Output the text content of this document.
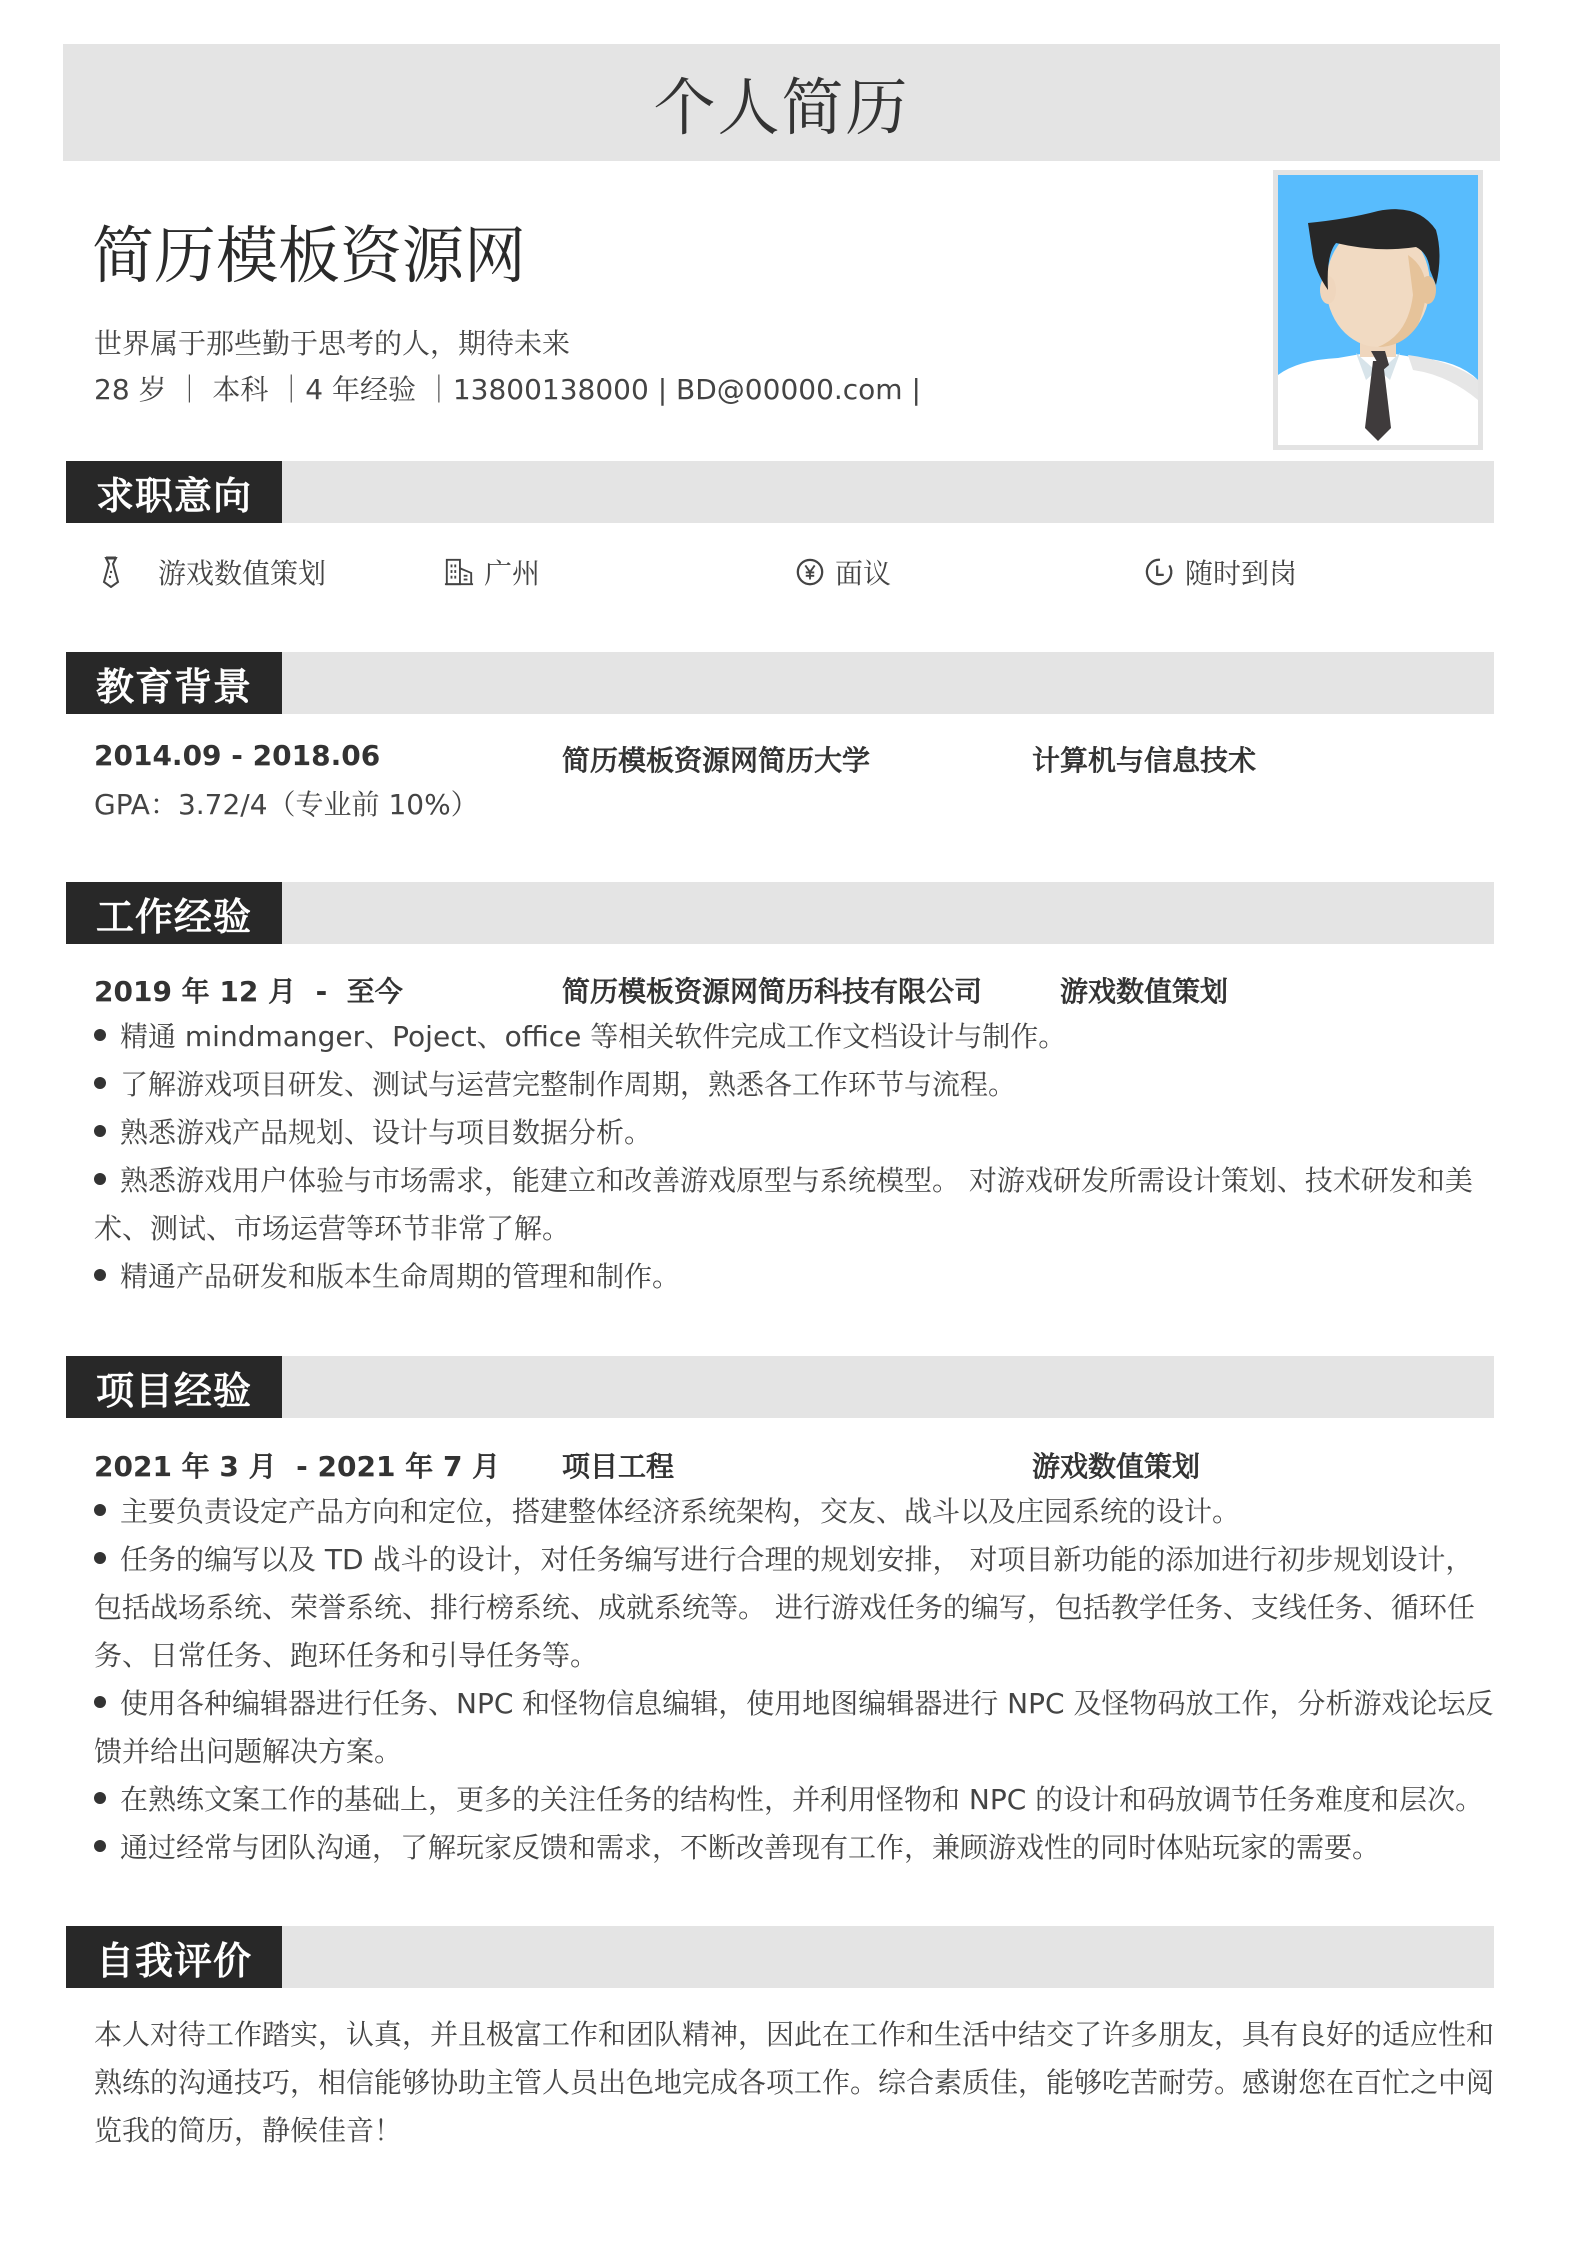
个人简历
简历模板资源网
世界属于那些勤于思考的人，期待未来
28 岁 ｜ 本科 ｜4 年经验 ｜13800138000 | BD@00000.com |
求职意向
游戏数值策划	广州	面议	随时到岗
教育背景
2014.09 - 2018.06	简历模板资源网简历大学	计算机与信息技术
GPA：3.72/4（专业前 10%）
工作经验
2019 年 12 月  -  至今	简历模板资源网简历科技有限公司	游戏数值策划
精通 mindmanger、Poject、office 等相关软件完成工作文档设计与制作。
了解游戏项目研发、测试与运营完整制作周期，熟悉各工作环节与流程。
熟悉游戏产品规划、设计与项目数据分析。
熟悉游戏用户体验与市场需求，能建立和改善游戏原型与系统模型。 对游戏研发所需设计策划、技术研发和美术、测试、市场运营等环节非常了解。
精通产品研发和版本生命周期的管理和制作。
项目经验
2021 年 3 月  - 2021 年 7 月 项目工程	游戏数值策划
主要负责设定产品方向和定位，搭建整体经济系统架构，交友、战斗以及庄园系统的设计。
任务的编写以及 TD 战斗的设计，对任务编写进行合理的规划安排， 对项目新功能的添加进行初步规划设计，包括战场系统、荣誉系统、排行榜系统、成就系统等。 进行游戏任务的编写，包括教学任务、支线任务、循环任务、日常任务、跑环任务和引导任务等。
使用各种编辑器进行任务、NPC 和怪物信息编辑，使用地图编辑器进行 NPC 及怪物码放工作，分析游戏论坛反馈并给出问题解决方案。
在熟练文案工作的基础上，更多的关注任务的结构性，并利用怪物和 NPC 的设计和码放调节任务难度和层次。
通过经常与团队沟通，了解玩家反馈和需求，不断改善现有工作，兼顾游戏性的同时体贴玩家的需要。
自我评价
本人对待工作踏实，认真，并且极富工作和团队精神，因此在工作和生活中结交了许多朋友，具有良好的适应性和熟练的沟通技巧，相信能够协助主管人员出色地完成各项工作。综合素质佳，能够吃苦耐劳。感谢您在百忙之中阅览我的简历，静候佳音！
